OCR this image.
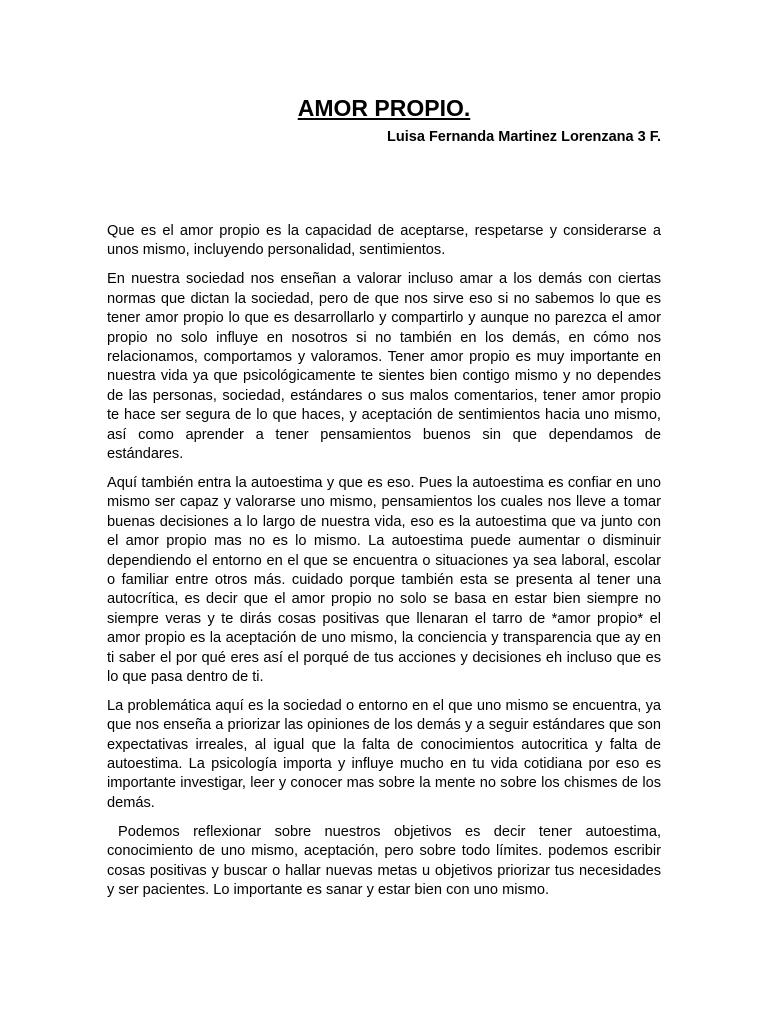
AMOR PROPIO.

Luisa Fernanda Martinez Lorenzana 3 F.

Que es el amor propio es la capacidad de aceptarse, respetarse y considerarse a unos mismo, incluyendo personalidad, sentimientos.

En nuestra sociedad nos enseñan a valorar incluso amar a los demás con ciertas normas que dictan la sociedad, pero de que nos sirve eso si no sabemos lo que es tener amor propio lo que es desarrollarlo y compartirlo y aunque no parezca el amor propio no solo influye en nosotros si no también en los demás, en cómo nos relacionamos, comportamos y valoramos. Tener amor propio es muy importante en nuestra vida ya que psicológicamente te sientes bien contigo mismo y no dependes de las personas, sociedad, estándares o sus malos comentarios, tener amor propio te hace ser segura de lo que haces, y aceptación de sentimientos hacia uno mismo, así como aprender a tener pensamientos buenos sin que dependamos de estándares.

Aquí también entra la autoestima y que es eso. Pues la autoestima es confiar en uno mismo ser capaz y valorarse uno mismo, pensamientos los cuales nos lleve a tomar buenas decisiones a lo largo de nuestra vida, eso es la autoestima que va junto con el amor propio mas no es lo mismo. La autoestima puede aumentar o disminuir dependiendo el entorno en el que se encuentra o situaciones ya sea laboral, escolar o familiar entre otros más. cuidado porque también esta se presenta al tener una autocrítica, es decir que el amor propio no solo se basa en estar bien siempre no siempre veras y te dirás cosas positivas que llenaran el tarro de *amor propio* el amor propio es la aceptación de uno mismo, la conciencia y transparencia que ay en ti saber el por qué eres así el porqué de tus acciones y decisiones eh incluso que es lo que pasa dentro de ti.

La problemática aquí es la sociedad o entorno en el que uno mismo se encuentra, ya que nos enseña a priorizar las opiniones de los demás y a seguir estándares que son expectativas irreales, al igual que la falta de conocimientos autocritica y falta de autoestima. La psicología importa y influye mucho en tu vida cotidiana por eso es importante investigar, leer y conocer mas sobre la mente no sobre los chismes de los demás.

Podemos reflexionar sobre nuestros objetivos es decir tener autoestima, conocimiento de uno mismo, aceptación, pero sobre todo límites. podemos escribir cosas positivas y buscar o hallar nuevas metas u objetivos priorizar tus necesidades y ser pacientes. Lo importante es sanar y estar bien con uno mismo.
